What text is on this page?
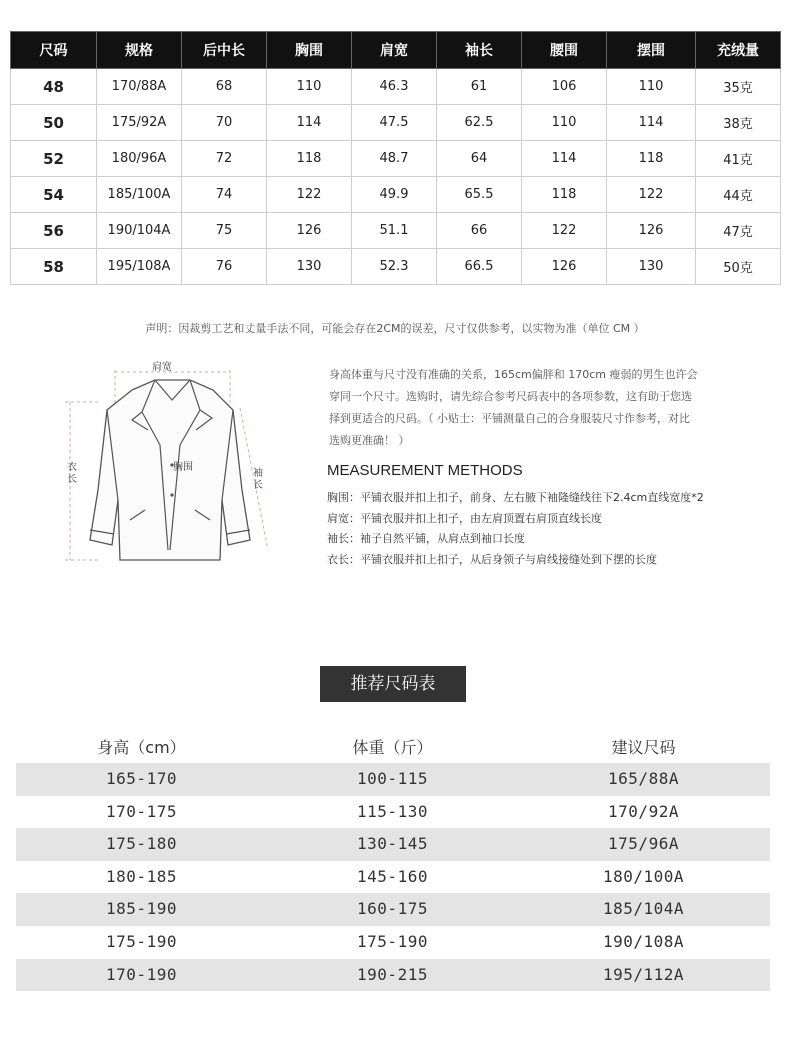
尺码	规格	后中长	胸围	肩宽	袖长	腰围	摆围	充绒量
48	170/88A	68	110	46.3	61	106	110	35克
50	175/92A	70	114	47.5	62.5	110	114	38克
52	180/96A	72	118	48.7	64	114	118	41克
54	185/100A	74	122	49.9	65.5	118	122	44克
56	190/104A	75	126	51.1	66	122	126	47克
58	195/108A	76	130	52.3	66.5	126	130	50克
声明：因裁剪工艺和丈量手法不同，可能会存在2CM的误差，尺寸仅供参考，以实物为准（单位 CM ）
肩宽
胸围
衣长
袖长
身高体重与尺寸没有准确的关系，165cm偏胖和 170cm 瘦弱的男生也许会
穿同一个尺寸。选购时，请先综合参考尺码表中的各项参数，这有助于您选
择到更适合的尺码。（ 小贴士：平铺测量自己的合身服装尺寸作参考，对比
选购更准确！ ）
MEASUREMENT METHODS
胸围：平铺衣服并扣上扣子，前身、左右腋下袖隆缝线往下2.4cm直线宽度*2
肩宽：平铺衣服并扣上扣子，由左肩顶置右肩顶直线长度
袖长：袖子自然平铺，从肩点到袖口长度
衣长：平铺衣服并扣上扣子，从后身领子与肩线接缝处到下摆的长度
推荐尺码表
身高（cm）	体重（斤）	建议尺码
165-170	100-115	165/88A
170-175	115-130	170/92A
175-180	130-145	175/96A
180-185	145-160	180/100A
185-190	160-175	185/104A
175-190	175-190	190/108A
170-190	190-215	195/112A
